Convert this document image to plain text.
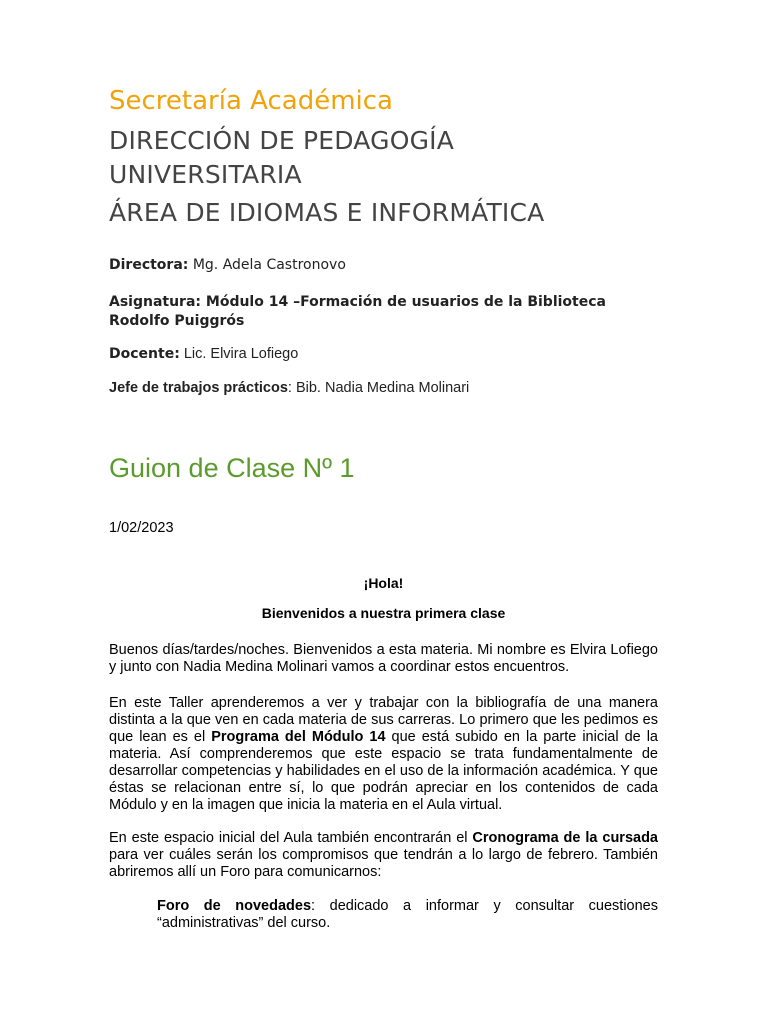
Secretaría Académica
DIRECCIÓN DE PEDAGOGÍA
UNIVERSITARIA
ÁREA DE IDIOMAS E INFORMÁTICA

Directora: Mg. Adela Castronovo

Asignatura: Módulo 14 –Formación de usuarios de la Biblioteca
Rodolfo Puiggrós

Docente: Lic. Elvira Lofiego

Jefe de trabajos prácticos: Bib. Nadia Medina Molinari

Guion de Clase Nº 1

1/02/2023

¡Hola!

Bienvenidos a nuestra primera clase

Buenos días/tardes/noches. Bienvenidos a esta materia. Mi nombre es Elvira Lofiego y junto con Nadia Medina Molinari vamos a coordinar estos encuentros.

En este Taller aprenderemos a ver y trabajar con la bibliografía de una manera distinta a la que ven en cada materia de sus carreras. Lo primero que les pedimos es que lean es el Programa del Módulo 14 que está subido en la parte inicial de la materia. Así comprenderemos que este espacio se trata fundamentalmente de desarrollar competencias y habilidades en el uso de la información académica. Y que éstas se relacionan entre sí, lo que podrán apreciar en los contenidos de cada Módulo y en la imagen que inicia la materia en el Aula virtual.

En este espacio inicial del Aula también encontrarán el Cronograma de la cursada para ver cuáles serán los compromisos que tendrán a lo largo de febrero. También abriremos allí un Foro para comunicarnos:

Foro de novedades: dedicado a informar y consultar cuestiones “administrativas” del curso.
